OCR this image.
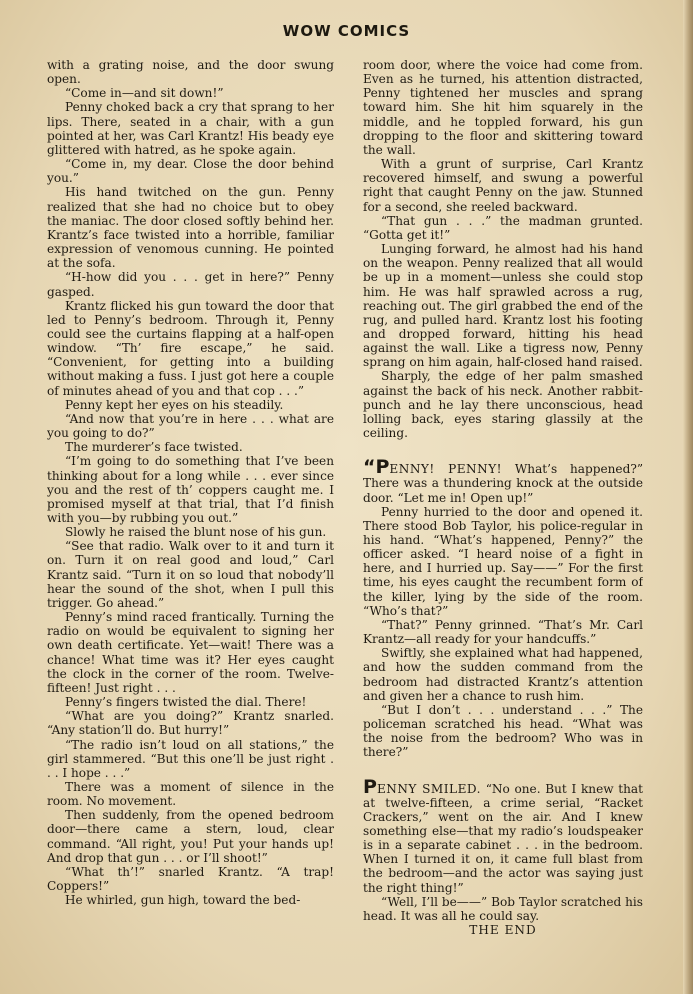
WOW COMICS

with a grating noise, and the door swung open.

“Come in—and sit down!”

Penny choked back a cry that sprang to her lips. There, seated in a chair, with a gun pointed at her, was Carl Krantz! His beady eye glittered with hatred, as he spoke again.

“Come in, my dear. Close the door behind you.”

His hand twitched on the gun. Penny realized that she had no choice but to obey the maniac. The door closed softly behind her. Krantz’s face twisted into a horrible, familiar expression of venomous cunning. He pointed at the sofa.

“H-how did you . . . get in here?” Penny gasped.

Krantz flicked his gun toward the door that led to Penny’s bedroom. Through it, Penny could see the curtains flapping at a half-open window. “Th’ fire escape,” he said. “Convenient, for getting into a building without making a fuss. I just got here a couple of minutes ahead of you and that cop . . .”

Penny kept her eyes on his steadily.

“And now that you’re in here . . . what are you going to do?”

The murderer’s face twisted.

“I’m going to do something that I’ve been thinking about for a long while . . . ever since you and the rest of th’ coppers caught me. I promised myself at that trial, that I’d finish with you—by rubbing you out.”

Slowly he raised the blunt nose of his gun.

“See that radio. Walk over to it and turn it on. Turn it on real good and loud,” Carl Krantz said. “Turn it on so loud that nobody’ll hear the sound of the shot, when I pull this trigger. Go ahead.”

Penny’s mind raced frantically. Turning the radio on would be equivalent to signing her own death certificate. Yet—wait! There was a chance! What time was it? Her eyes caught the clock in the corner of the room. Twelve-fifteen! Just right . . .

Penny’s fingers twisted the dial. There!

“What are you doing?” Krantz snarled. “Any station’ll do. But hurry!”

“The radio isn’t loud on all stations,” the girl stammered. “But this one’ll be just right . . . I hope . . .”

There was a moment of silence in the room. No movement.

Then suddenly, from the opened bedroom door—there came a stern, loud, clear command. “All right, you! Put your hands up! And drop that gun . . . or I’ll shoot!”

“What th’!” snarled Krantz. “A trap! Coppers!”

He whirled, gun high, toward the bed-

room door, where the voice had come from. Even as he turned, his attention distracted, Penny tightened her muscles and sprang toward him. She hit him squarely in the middle, and he toppled forward, his gun dropping to the floor and skittering toward the wall.

With a grunt of surprise, Carl Krantz recovered himself, and swung a powerful right that caught Penny on the jaw. Stunned for a second, she reeled backward.

“That gun . . .” the madman grunted. “Gotta get it!”

Lunging forward, he almost had his hand on the weapon. Penny realized that all would be up in a moment—unless she could stop him. He was half sprawled across a rug, reaching out. The girl grabbed the end of the rug, and pulled hard. Krantz lost his footing and dropped forward, hitting his head against the wall. Like a tigress now, Penny sprang on him again, half-closed hand raised.

Sharply, the edge of her palm smashed against the back of his neck. Another rabbit-punch and he lay there unconscious, head lolling back, eyes staring glassily at the ceiling.

“PENNY! PENNY! What’s happened?” There was a thundering knock at the outside door. “Let me in! Open up!”

Penny hurried to the door and opened it. There stood Bob Taylor, his police-regular in his hand. “What’s happened, Penny?” the officer asked. “I heard noise of a fight in here, and I hurried up. Say——” For the first time, his eyes caught the recumbent form of the killer, lying by the side of the room. “Who’s that?”

“That?” Penny grinned. “That’s Mr. Carl Krantz—all ready for your handcuffs.”

Swiftly, she explained what had happened, and how the sudden command from the bedroom had distracted Krantz’s attention and given her a chance to rush him.

“But I don’t . . . understand . . .” The policeman scratched his head. “What was the noise from the bedroom? Who was in there?”

PENNY SMILED. “No one. But I knew that at twelve-fifteen, a crime serial, “Racket Crackers,” went on the air. And I knew something else—that my radio’s loudspeaker is in a separate cabinet . . . in the bedroom. When I turned it on, it came full blast from the bedroom—and the actor was saying just the right thing!”

“Well, I’ll be——” Bob Taylor scratched his head. It was all he could say.

THE END
